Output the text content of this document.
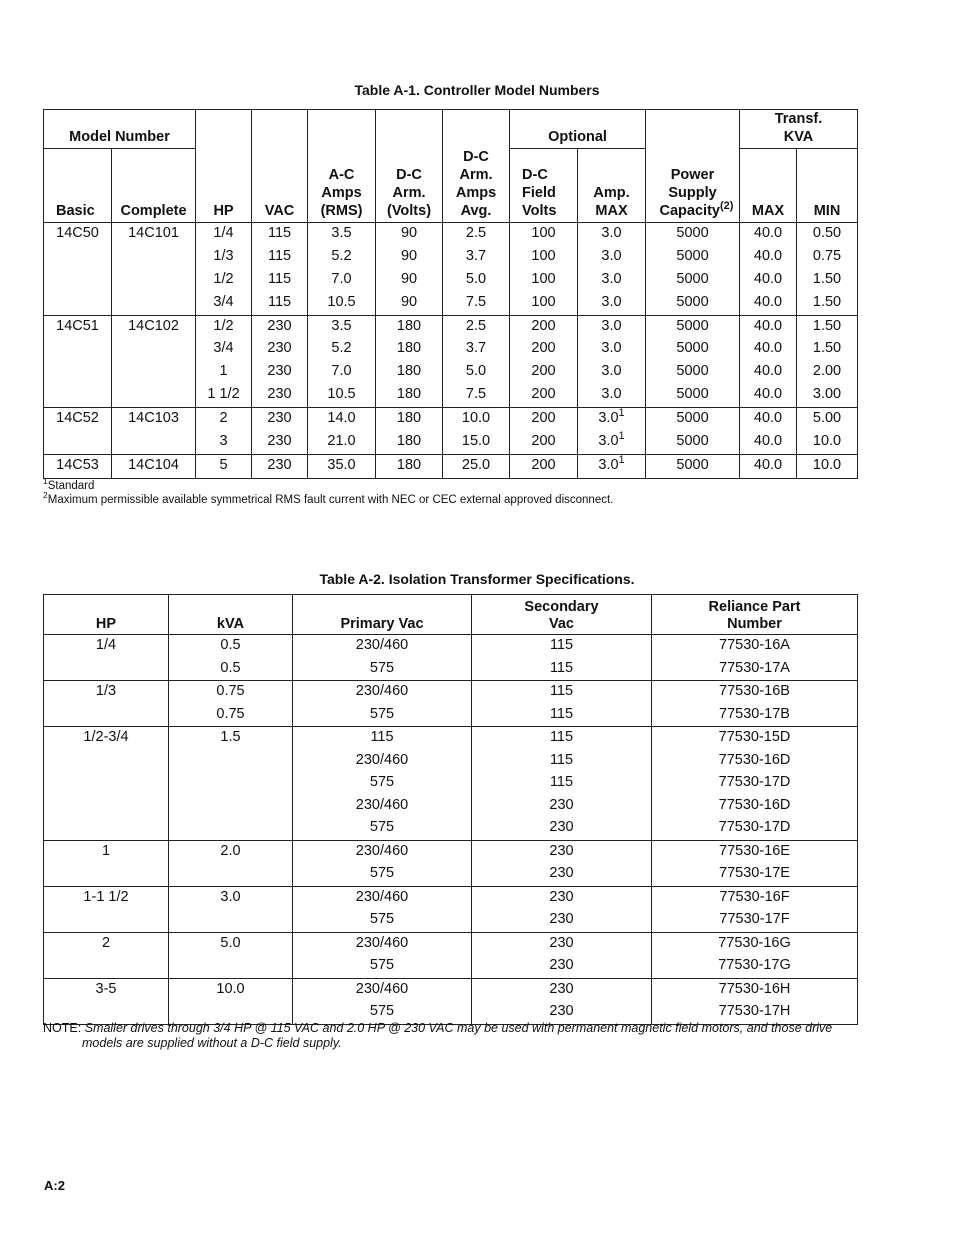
Table A-1. Controller Model Numbers
Model Number		HP	VAC	A-C Amps (RMS)	D-C Arm. (Volts)	D-C Arm. Amps Avg.	Optional		Power Supply Capacity$^{(2)}$	Transf. KVA	

Basic	Complete						D-C Field Volts	Amp. MAX		MAX	MIN
14C50	14C101	1/4	115	3.5	90	2.5	100	3.0	5000	40.0	0.50
		1/3	115	5.2	90	3.7	100	3.0	5000	40.0	0.75
		1/2	115	7.0	90	5.0	100	3.0	5000	40.0	1.50
		3/4	115	10.5	90	7.5	100	3.0	5000	40.0	1.50
14C51	14C102	1/2	230	3.5	180	2.5	200	3.0	5000	40.0	1.50
		3/4	230	5.2	180	3.7	200	3.0	5000	40.0	1.50
		1	230	7.0	180	5.0	200	3.0	5000	40.0	2.00
		1 1/2	230	10.5	180	7.5	200	3.0	5000	40.0	3.00
14C52	14C103	2	230	14.0	180	10.0	200	$3.0^1$	5000	40.0	5.00
		3	230	21.0	180	15.0	200	$3.0^1$	5000	40.0	10.0
14C53	14C104	5	230	35.0	180	25.0	200	$3.0^1$	5000	40.0	10.0
$^1$Standard
$^2$Maximum permissible available symmetrical RMS fault current with NEC or CEC external approved disconnect.
Table A-2. Isolation Transformer Specifications.
HP	kVA	Primary Vac	Secondary Vac	Reliance Part Number

1/4	0.5	230/460	115	77530-16A
	0.5	575	115	77530-17A
1/3	0.75	230/460	115	77530-16B
	0.75	575	115	77530-17B
1/2-3/4	1.5	115	115	77530-15D
		230/460	115	77530-16D
		575	115	77530-17D
		230/460	230	77530-16D
		575	230	77530-17D
1	2.0	230/460	230	77530-16E
		575	230	77530-17E
1-1 1/2	3.0	230/460	230	77530-16F
		575	230	77530-17F
2	5.0	230/460	230	77530-16G
		575	230	77530-17G
3-5	10.0	230/460	230	77530-16H
		575	230	77530-17H
NOTE: Smaller drives through 3/4 HP @ 115 VAC and 2.0 HP @ 230 VAC may be used with permanent magnetic field motors, and those drive
models are supplied without a D-C field supply.
A:2
